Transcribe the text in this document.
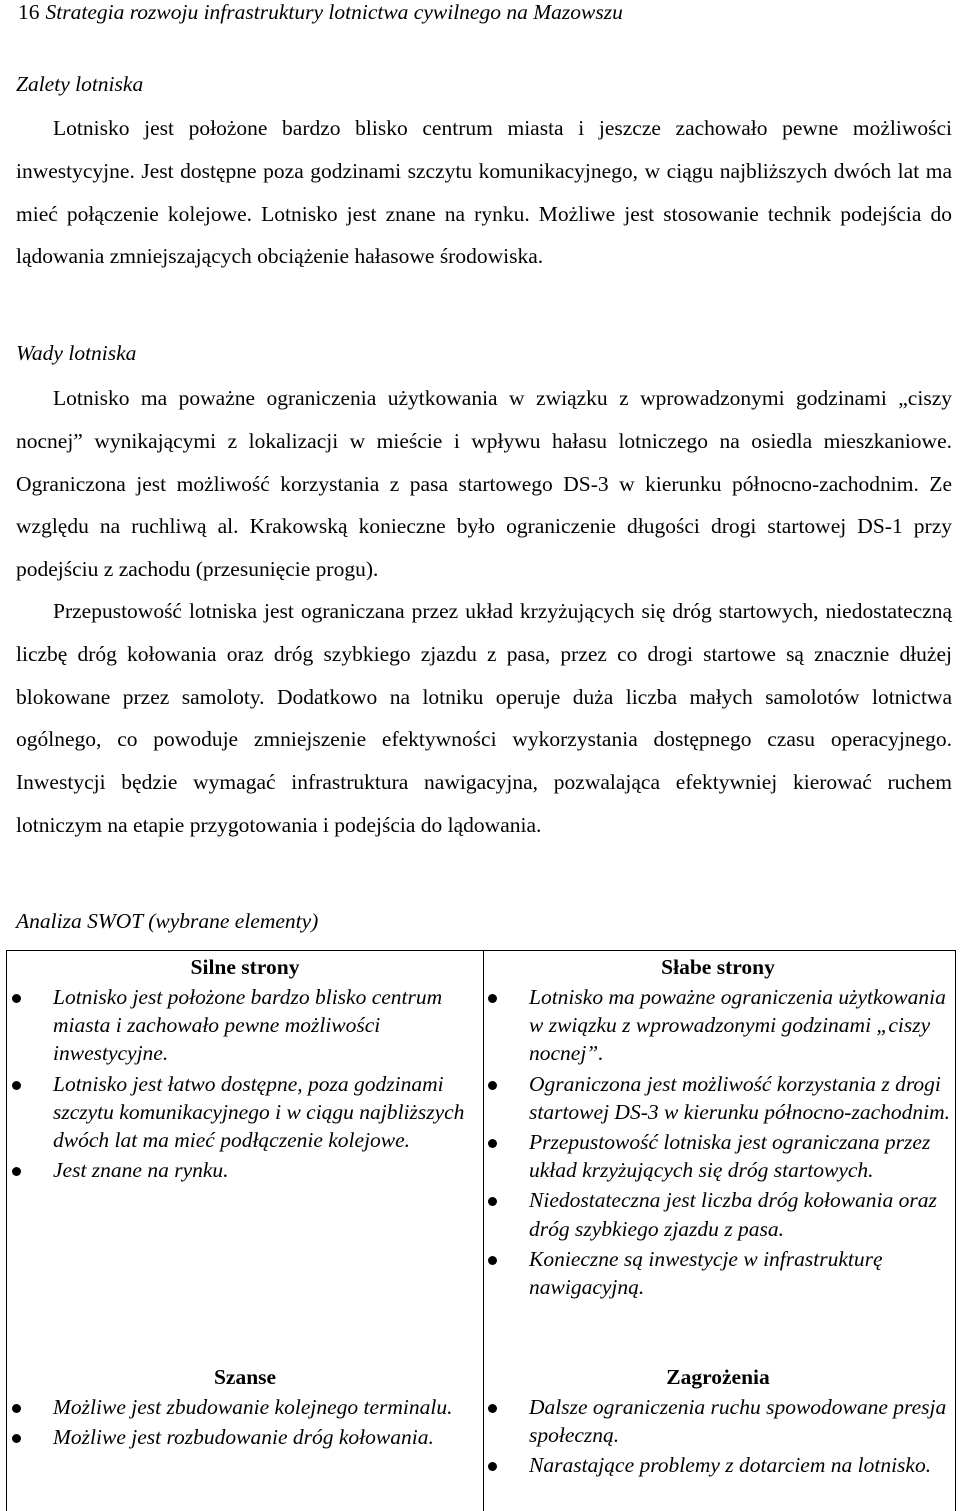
16 Strategia rozwoju infrastruktury lotnictwa cywilnego na Mazowszu
Zalety lotniska

Lotnisko jest położone bardzo blisko centrum miasta i jeszcze zachowało pewne możliwości inwestycyjne. Jest dostępne poza godzinami szczytu komunikacyjnego, w ciągu najbliższych dwóch lat ma mieć połączenie kolejowe. Lotnisko jest znane na rynku. Możliwe jest stosowanie technik podejścia do lądowania zmniejszających obciążenie hałasowe środowiska.

Wady lotniska

Lotnisko ma poważne ograniczenia użytkowania w związku z wprowadzonymi godzinami „ciszy nocnej” wynikającymi z lokalizacji w mieście i wpływu hałasu lotniczego na osiedla mieszkaniowe. Ograniczona jest możliwość korzystania z pasa startowego DS-3 w kierunku północno-zachodnim. Ze względu na ruchliwą al. Krakowską konieczne było ograniczenie długości drogi startowej DS-1 przy podejściu z zachodu (przesunięcie progu).

Przepustowość lotniska jest ograniczana przez układ krzyżujących się dróg startowych, niedostateczną liczbę dróg kołowania oraz dróg szybkiego zjazdu z pasa, przez co drogi startowe są znacznie dłużej blokowane przez samoloty. Dodatkowo na lotniku operuje duża liczba małych samolotów lotnictwa ogólnego, co powoduje zmniejszenie efektywności wykorzystania dostępnego czasu operacyjnego. Inwestycji będzie wymagać infrastruktura nawigacyjna, pozwalająca efektywniej kierować ruchem lotniczym na etapie przygotowania i podejścia do lądowania.

Analiza SWOT (wybrane elementy)
Silne strony
Lotnisko jest położone bardzo blisko centrum miasta i zachowało pewne możliwości inwestycyjne.
Lotnisko jest łatwo dostępne, poza godzinami szczytu komunikacyjnego i w ciągu najbliższych dwóch lat ma mieć podłączenie kolejowe.
Jest znane na rynku.
Słabe strony
Lotnisko ma poważne ograniczenia użytkowania w związku z wprowadzonymi godzinami „ciszy nocnej”.
Ograniczona jest możliwość korzystania z drogi startowej DS-3 w kierunku północno-zachodnim.
Przepustowość lotniska jest ograniczana przez układ krzyżujących się dróg startowych.
Niedostateczna jest liczba dróg kołowania oraz dróg szybkiego zjazdu z pasa.
Konieczne są inwestycje w infrastrukturę nawigacyjną.
Szanse
Możliwe jest zbudowanie kolejnego terminalu.
Możliwe jest rozbudowanie dróg kołowania.
Zagrożenia
Dalsze ograniczenia ruchu spowodowane presja społeczną.
Narastające problemy z dotarciem na lotnisko.
